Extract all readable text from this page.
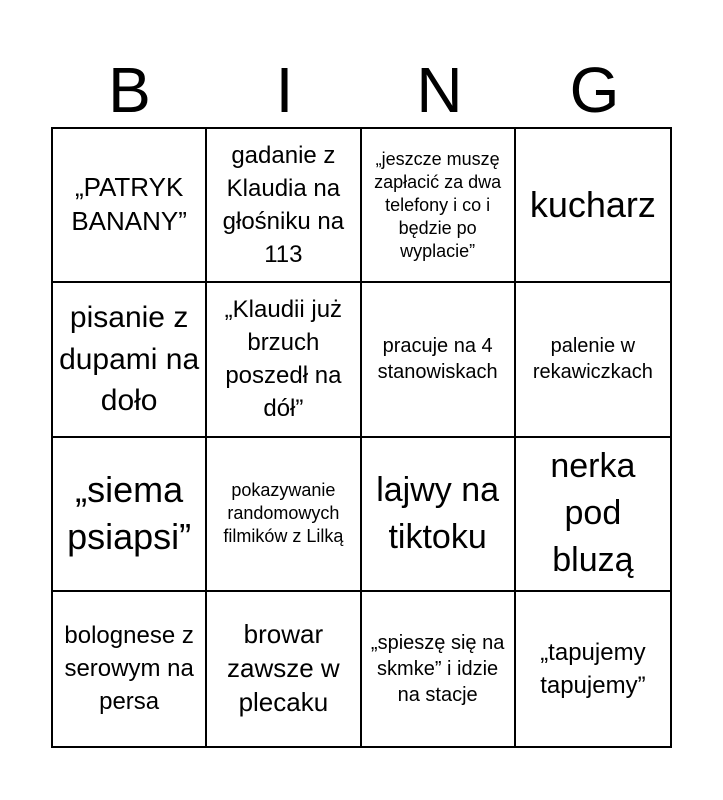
B	I	N	G
„PATRYK BANANY”
gadanie z Klaudia na głośniku na 113
„jeszcze muszę zapłacić za dwa telefony i co i będzie po wyplacie”
kucharz
pisanie z dupami na doło
„Klaudii już brzuch poszedł na dół”
pracuje na 4 stanowiskach
palenie w rekawiczkach
„siema psiapsi”
pokazywanie randomowych filmików z Lilką
lajwy na tiktoku
nerka pod bluzą
bolognese z serowym na persa
browar zawsze w plecaku
„spieszę się na skmke” i idzie na stacje
„tapujemy tapujemy”
